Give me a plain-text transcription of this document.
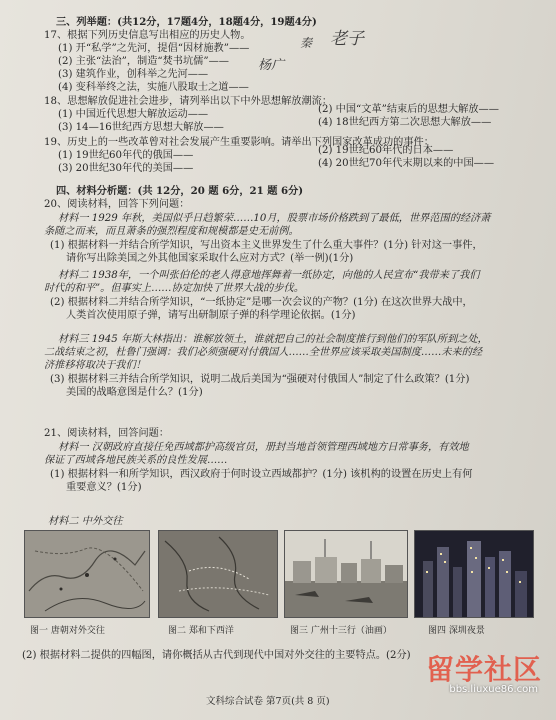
三、列举题：(共12分，17题4分，18题4分，19题4分)
17、根据下列历史信息写出相应的历史人物。
(1) 开“私学”之先河，提倡“因材施教”——
(2) 主张“法治”，制造“焚书坑儒”——
(3) 建筑作业，创科举之先河——
(4) 变科举终之法，实施八股取士之道——
老子
秦
杨广
18、思想解放促进社会进步，请列举出以下中外思想解放潮流：
(1) 中国近代思想大解放运动——
(3) 14—16世纪西方思想大解放——
(2) 中国“文革”结束后的思想大解放——
(4) 18世纪西方第二次思想大解放——
19、历史上的一些改革曾对社会发展产生重要影响。请举出下列国家改革成功的事件：
(1) 19世纪60年代的俄国——
(3) 20世纪30年代的美国——
(2) 19世纪60年代的日本——
(4) 20世纪70年代末期以来的中国——
四、材料分析题：(共 12分，20 题 6分，21 题 6分)
20、阅读材料，回答下列问题：
材料一 1929 年秋，美国似乎日趋繁荣……10月，股票市场价格跌到了最低，世界范围的经济萧
条随之而来，而且萧条的强烈程度和规模都是史无前例。
(1) 根据材料一并结合所学知识，写出资本主义世界发生了什么重大事件？(1分) 针对这一事件，
请你写出除美国之外其他国家采取什么应对方式？(举一例)(1分)
材料二 1938年，一个叫张伯伦的老人得意地挥舞着一纸协定，向他的人民宣布“我带来了我们
时代的和平”。但事实上……协定加快了世界大战的步伐。
(2) 根据材料二并结合所学知识，“一纸协定”是哪一次会议的产物？(1分) 在这次世界大战中，
人类首次使用原子弹，请写出研制原子弹的科学理论依据。(1分)
材料三 1945 年斯大林指出：谁解放领土，谁就把自己的社会制度推行到他们的军队所到之处，
二战结束之初，杜鲁门强调：我们必须强硬对付俄国人……全世界应该采取美国制度……未来的经
济推移将取决于我们！
(3) 根据材料三并结合所学知识，说明二战后美国为“强硬对付俄国人”制定了什么政策？(1分)
美国的战略意图是什么？(1分)
21、阅读材料，回答问题：
材料一 汉朝政府直接任免西域都护高级官员，册封当地首领管理西域地方日常事务，有效地
保证了西域各地民族关系的良性发展……
(1) 根据材料一和所学知识，西汉政府于何时设立西域都护？(1分) 该机构的设置在历史上有何
重要意义？(1分)
材料二 中外交往
图一 唐朝对外交往	图二 郑和下西洋	图三 广州十三行（油画）	图四 深圳夜景
(2) 根据材料二提供的四幅图，请你概括从古代到现代中国对外交往的主要特点。(2分)
文科综合试卷 第7页(共 8 页)
留学社区
bbs.liuxue86.com
